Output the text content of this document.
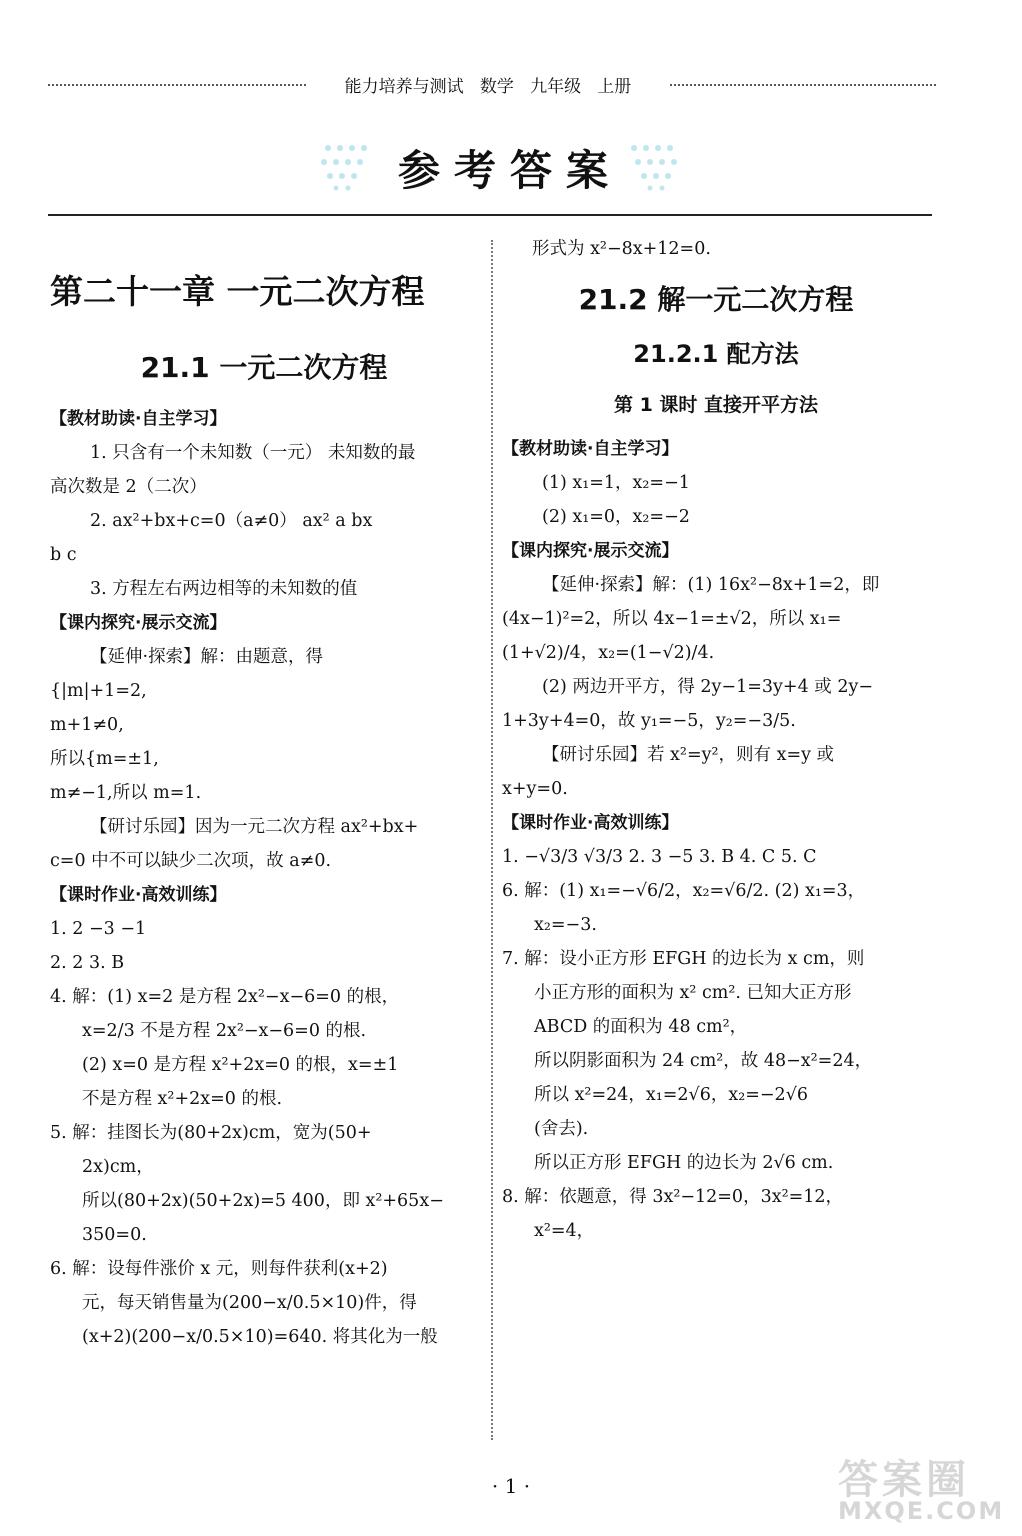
能力培养与测试   数学   九年级   上册
参考答案
第二十一章 一元二次方程
21.1 一元二次方程
【教材助读·自主学习】
1. 只含有一个未知数（一元） 未知数的最
高次数是 2（二次）
2. ax²+bx+c=0（a≠0） ax² a bx
b c
3. 方程左右两边相等的未知数的值
【课内探究·展示交流】
【延伸·探索】解：由题意，得
{|m|+1=2,
m+1≠0,
所以{m=±1,
m≠−1,所以 m=1.
【研讨乐园】因为一元二次方程 ax²+bx+
c=0 中不可以缺少二次项，故 a≠0.
【课时作业·高效训练】
1. 2 −3 −1
2. 2 3. B
4. 解：(1) x=2 是方程 2x²−x−6=0 的根，
x=2/3 不是方程 2x²−x−6=0 的根.
(2) x=0 是方程 x²+2x=0 的根，x=±1
不是方程 x²+2x=0 的根.
5. 解：挂图长为(80+2x)cm，宽为(50+
2x)cm，
所以(80+2x)(50+2x)=5 400，即 x²+65x−
350=0.
6. 解：设每件涨价 x 元，则每件获利(x+2)
元，每天销售量为(200−x/0.5×10)件，得
(x+2)(200−x/0.5×10)=640. 将其化为一般
形式为 x²−8x+12=0.
21.2 解一元二次方程
21.2.1 配方法
第 1 课时 直接开平方法
【教材助读·自主学习】
(1) x₁=1，x₂=−1
(2) x₁=0，x₂=−2
【课内探究·展示交流】
【延伸·探索】解：(1) 16x²−8x+1=2，即
(4x−1)²=2，所以 4x−1=±√2，所以 x₁=
(1+√2)/4，x₂=(1−√2)/4.
(2) 两边开平方，得 2y−1=3y+4 或 2y−
1+3y+4=0，故 y₁=−5，y₂=−3/5.
【研讨乐园】若 x²=y²，则有 x=y 或
x+y=0.
【课时作业·高效训练】
1. −√3/3 √3/3 2. 3 −5 3. B 4. C 5. C
6. 解：(1) x₁=−√6/2，x₂=√6/2. (2) x₁=3，
x₂=−3.
7. 解：设小正方形 EFGH 的边长为 x cm，则
小正方形的面积为 x² cm². 已知大正方形
ABCD 的面积为 48 cm²，
所以阴影面积为 24 cm²，故 48−x²=24，
所以 x²=24，x₁=2√6，x₂=−2√6
(舍去).
所以正方形 EFGH 的边长为 2√6 cm.
8. 解：依题意，得 3x²−12=0，3x²=12，
x²=4，
· 1 ·	答案圈
MXQE.COM
